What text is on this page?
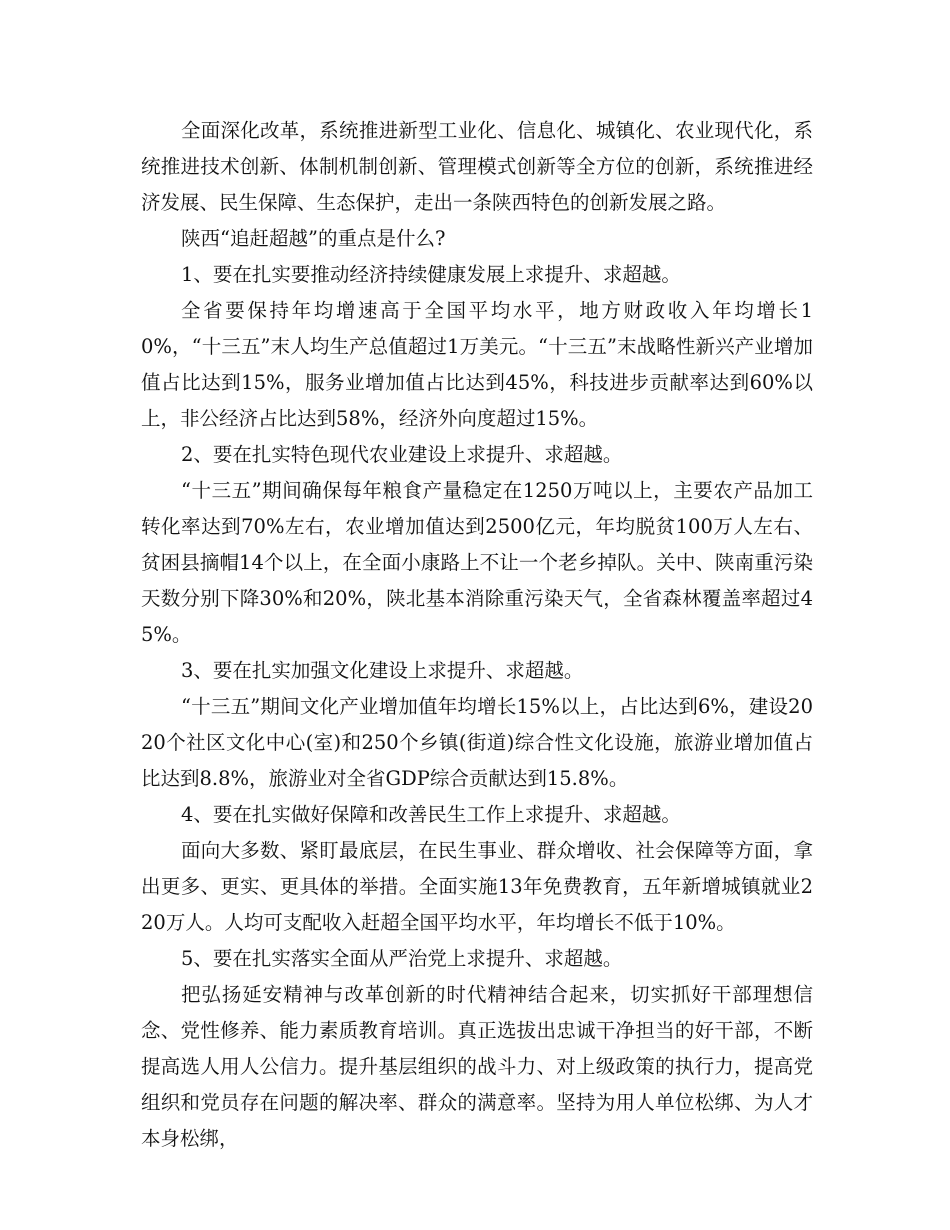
全面深化改革，系统推进新型工业化、信息化、城镇化、农业现代化，系统推进技术创新、体制机制创新、管理模式创新等全方位的创新，系统推进经济发展、民生保障、生态保护，走出一条陕西特色的创新发展之路。

陕西“追赶超越”的重点是什么?

1、要在扎实要推动经济持续健康发展上求提升、求超越。

全省要保持年均增速高于全国平均水平，地方财政收入年均增长10%，“十三五”末人均生产总值超过1万美元。“十三五”末战略性新兴产业增加值占比达到15%，服务业增加值占比达到45%，科技进步贡献率达到60%以上，非公经济占比达到58%，经济外向度超过15%。

2、要在扎实特色现代农业建设上求提升、求超越。

“十三五”期间确保每年粮食产量稳定在1250万吨以上，主要农产品加工转化率达到70%左右，农业增加值达到2500亿元，年均脱贫100万人左右、贫困县摘帽14个以上，在全面小康路上不让一个老乡掉队。关中、陕南重污染天数分别下降30%和20%，陕北基本消除重污染天气，全省森林覆盖率超过45%。

3、要在扎实加强文化建设上求提升、求超越。

“十三五”期间文化产业增加值年均增长15%以上，占比达到6%，建设2020个社区文化中心(室)和250个乡镇(街道)综合性文化设施，旅游业增加值占比达到8.8%，旅游业对全省GDP综合贡献达到15.8%。

4、要在扎实做好保障和改善民生工作上求提升、求超越。

面向大多数、紧盯最底层，在民生事业、群众增收、社会保障等方面，拿出更多、更实、更具体的举措。全面实施13年免费教育，五年新增城镇就业220万人。人均可支配收入赶超全国平均水平，年均增长不低于10%。

5、要在扎实落实全面从严治党上求提升、求超越。

把弘扬延安精神与改革创新的时代精神结合起来，切实抓好干部理想信念、党性修养、能力素质教育培训。真正选拔出忠诚干净担当的好干部，不断提高选人用人公信力。提升基层组织的战斗力、对上级政策的执行力，提高党组织和党员存在问题的解决率、群众的满意率。坚持为用人单位松绑、为人才本身松绑，
